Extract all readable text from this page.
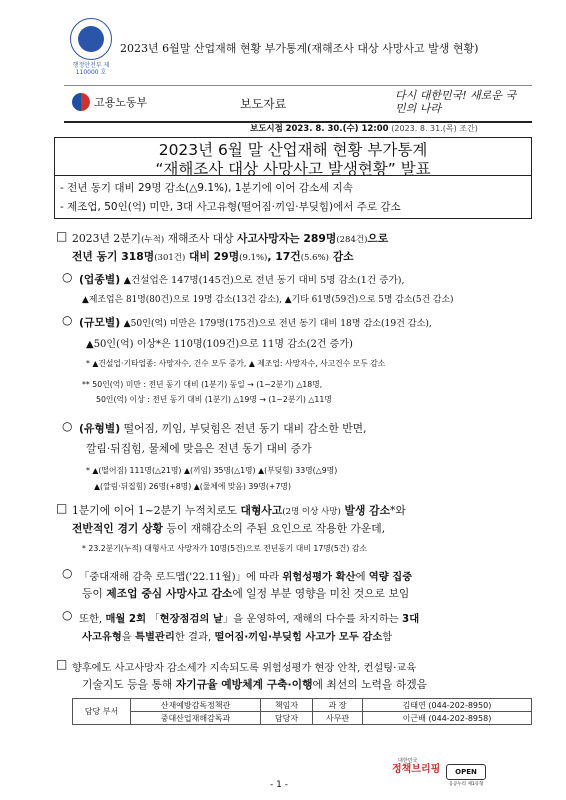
행정안전부 제 110000 호
2023년 6월말 산업재해 현황 부가통계(재해조사 대상 사망사고 발생 현황)
고용노동부	보도자료
다시 대한민국! 새로운 국민의 나라
보도시점 2023. 8. 30.(수) 12:00 (2023. 8. 31.(목) 조간)
2023년 6월 말 산업재해 현황 부가통계
“재해조사 대상 사망사고 발생현황” 발표
- 전년 동기 대비 29명 감소(△9.1%), 1분기에 이어 감소세 지속
- 제조업, 50인(억) 미만, 3대 사고유형(떨어짐·끼임·부딪힘)에서 주로 감소
□ 2023년 2분기(누적) 재해조사 대상 사고사망자는 289명(284건)으로
전년 동기 318명(301건) 대비 29명(9.1%), 17건(5.6%) 감소
○ (업종별) ▲건설업은 147명(145건)으로 전년 동기 대비 5명 감소(1건 증가),
▲제조업은 81명(80건)으로 19명 감소(13건 감소), ▲기타 61명(59건)으로 5명 감소(5건 감소)
○ (규모별) ▲50인(억) 미만은 179명(175건)으로 전년 동기 대비 18명 감소(19건 감소),
▲50인(억) 이상*은 110명(109건)으로 11명 감소(2건 증가)
* ▲건설업·기타업종: 사망자수, 건수 모두 증가, ▲ 제조업: 사망자수, 사고건수 모두 감소
** 50인(억) 미만 : 전년 동기 대비 (1분기) 동일 → (1~2분기) △18명,
50인(억) 이상 : 전년 동기 대비 (1분기) △19명 → (1~2분기) △11명
○ (유형별) 떨어짐, 끼임, 부딪힘은 전년 동기 대비 감소한 반면,
깔림·뒤집힘, 물체에 맞음은 전년 동기 대비 증가
* ▲(떨어짐) 111명(△21명) ▲(끼임) 35명(△1명) ▲(부딪힘) 33명(△9명)
▲(깔림·뒤집힘) 26명(+8명) ▲(물체에 맞음) 39명(+7명)
□ 1분기에 이어 1~2분기 누적치로도 대형사고(2명 이상 사망) 발생 감소*와
전반적인 경기 상황 등이 재해감소의 주된 요인으로 작용한 가운데,
* 23.2분기(누적) 대형사고 사망자가 10명(5건)으로 전년동기 대비 17명(5건) 감소
○ 「중대재해 감축 로드맵('22.11월)」에 따라 위험성평가 확산에 역량 집중
등이 제조업 중심 사망사고 감소에 일정 부분 영향을 미친 것으로 보임
○ 또한, 매월 2회 「현장점검의 날」을 운영하여, 재해의 다수를 차지하는 3대
사고유형을 특별관리한 결과, 떨어짐·끼임·부딪힘 사고가 모두 감소함
□ 향후에도 사고사망자 감소세가 지속되도록 위험성평가 현장 안착, 컨설팅·교육
기술지도 등을 통해 자기규율 예방체계 구축·이행에 최선의 노력을 하겠음
담당 부서	산재예방감독정책관	책임자	과 장	김태연 (044-202-8950)
	중대산업재해감독과	담당자	사무관	이근배 (044-202-8958)
- 1 -
대한민국
정책브리핑	OPEN
공공누리 제1유형
